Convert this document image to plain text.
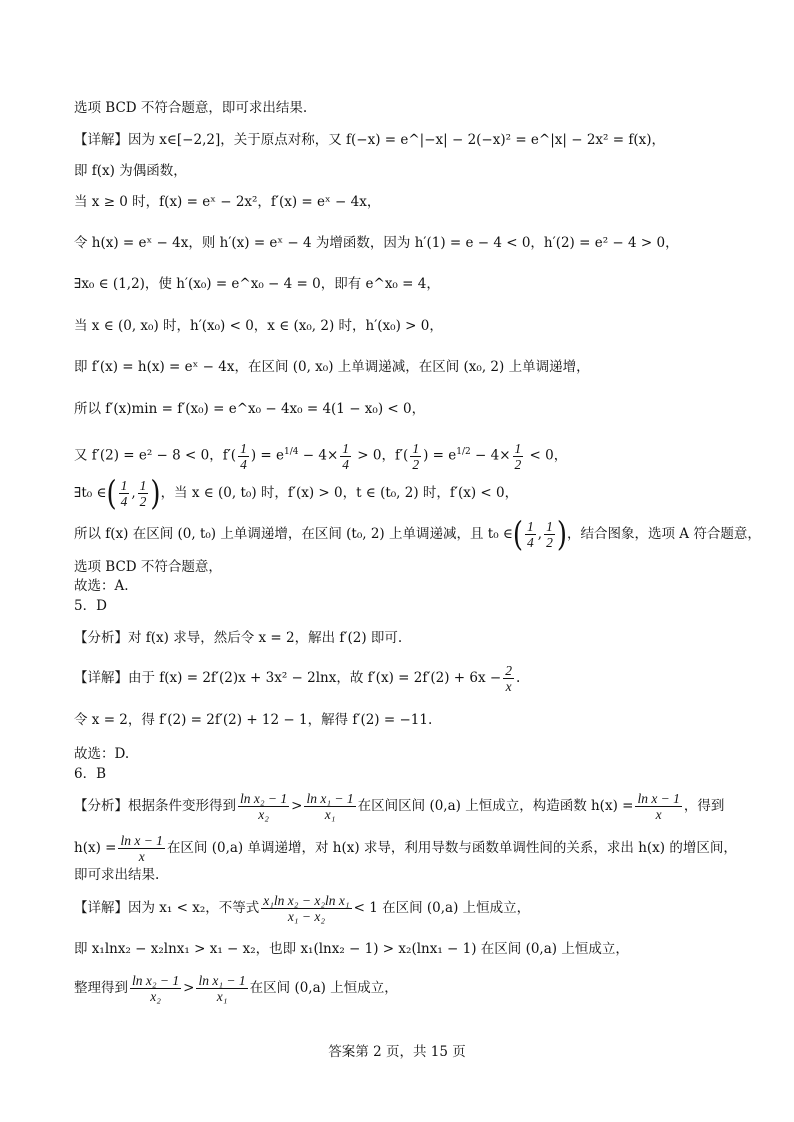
选项 BCD 不符合题意，即可求出结果.
【详解】因为 x∈[−2,2]，关于原点对称，又 f(−x) = e^|−x| − 2(−x)² = e^|x| − 2x² = f(x)，
即 f(x) 为偶函数，
当 x ≥ 0 时，f(x) = eˣ − 2x²，f′(x) = eˣ − 4x，
令 h(x) = eˣ − 4x，则 h′(x) = eˣ − 4 为增函数，因为 h′(1) = e − 4 < 0，h′(2) = e² − 4 > 0，
∃x₀ ∈ (1,2)，使 h′(x₀) = e^x₀ − 4 = 0，即有 e^x₀ = 4，
当 x ∈ (0, x₀) 时，h′(x₀) < 0，x ∈ (x₀, 2) 时，h′(x₀) > 0，
即 f′(x) = h(x) = eˣ − 4x，在区间 (0, x₀) 上单调递减，在区间 (x₀, 2) 上单调递增，
所以 f′(x)min = f′(x₀) = e^x₀ − 4x₀ = 4(1 − x₀) < 0，
又 f′(2) = e² − 8 < 0，$f'( \frac{1}{4}$ ) = $e^{1/4} - 4\times \frac{1}{4} > 0$，$f'( \frac{1}{2}$ ) = $e^{1/2} - 4\times \frac{1}{2} < 0$，
∃t₀ ∈( $\frac{1}{4}$ , $\frac{1}{2}$ )，当 x ∈ (0, t₀) 时，f′(x) > 0，t ∈ (t₀, 2) 时，f′(x) < 0，
所以 f(x) 在区间 (0, t₀) 上单调递增，在区间 (t₀, 2) 上单调递减，且 t₀ ∈( $\frac{1}{4}$ , $\frac{1}{2}$ )，结合图象，选项 A 符合题意，
选项 BCD 不符合题意，
故选：A.
5．D
【分析】对 f(x) 求导，然后令 x = 2，解出 f′(2) 即可.
【详解】由于 f(x) = 2f′(2)x + 3x² − 2lnx，故 $f'(x) = 2f'(2) + 6x - \frac{2}{x}$ .
令 x = 2，得 f′(2) = 2f′(2) + 12 − 1，解得 f′(2) = −11.
故选：D.
6．B
【分析】根据条件变形得到 $\frac{\text{ln x₂ − 1}}{\text{x₂}} > \frac{\text{ln x₁ − 1}}{\text{x₁}}$ 在区间区间 (0,a) 上恒成立，构造函数 $h(x) = \frac{\text{ln x − 1}}{x}$ ，得到
$h(x) = \frac{\text{ln x − 1}}{x}$ 在区间 (0,a) 单调递增，对 h(x) 求导，利用导数与函数单调性间的关系，求出 h(x) 的增区间，
即可求出结果.
【详解】因为 x₁ < x₂，不等式 $\frac{\text{x₁ln x₂ − x₂ln x₁}}{\text{x₁ − x₂}} < 1$ 在区间 (0,a) 上恒成立，
即 x₁lnx₂ − x₂lnx₁ > x₁ − x₂，也即 x₁(lnx₂ − 1) > x₂(lnx₁ − 1) 在区间 (0,a) 上恒成立，
整理得到 $\frac{\text{ln x₂ − 1}}{\text{x₂}} > \frac{\text{ln x₁ − 1}}{\text{x₁}}$ 在区间 (0,a) 上恒成立，
答案第 2 页，共 15 页
